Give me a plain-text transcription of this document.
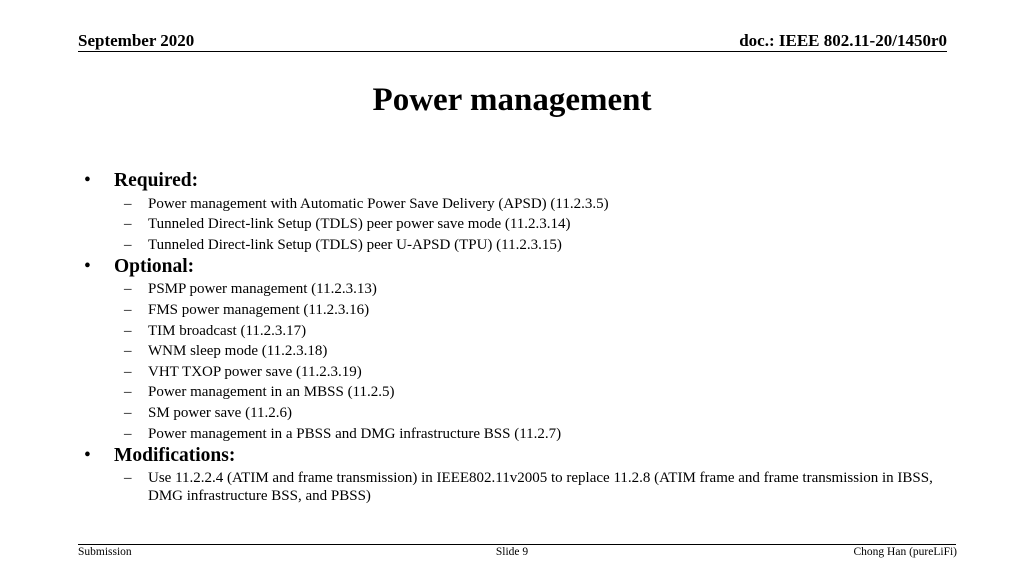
September 2020	doc.: IEEE 802.11-20/1450r0
Power management
• Required:
– Power management with Automatic Power Save Delivery (APSD) (11.2.3.5)
– Tunneled Direct-link Setup (TDLS) peer power save mode (11.2.3.14)
– Tunneled Direct-link Setup (TDLS) peer U-APSD (TPU) (11.2.3.15)
• Optional:
– PSMP power management (11.2.3.13)
– FMS power management (11.2.3.16)
– TIM broadcast (11.2.3.17)
– WNM sleep mode (11.2.3.18)
– VHT TXOP power save (11.2.3.19)
– Power management in an MBSS (11.2.5)
– SM power save (11.2.6)
– Power management in a PBSS and DMG infrastructure BSS (11.2.7)
• Modifications:
– Use 11.2.2.4 (ATIM and frame transmission) in IEEE802.11v2005 to replace 11.2.8 (ATIM frame and frame transmission in IBSS, DMG infrastructure BSS, and PBSS)
Submission	Slide 9	Chong Han (pureLiFi)
